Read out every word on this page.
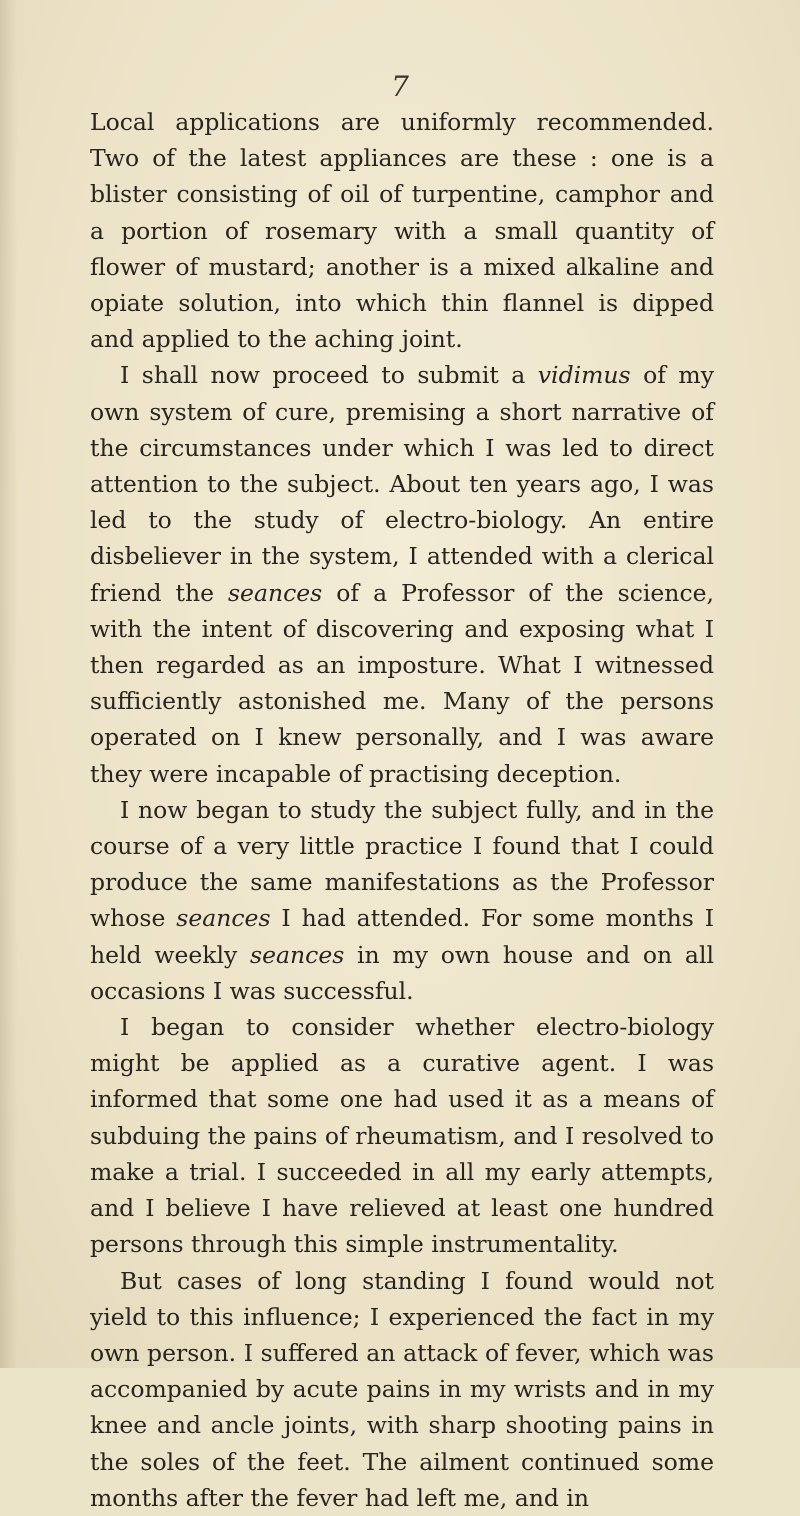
7

Local applications are uniformly recommended. Two of the latest appliances are these : one is a blister consisting of oil of turpentine, camphor and a portion of rosemary with a small quantity of flower of mustard; another is a mixed alkaline and opiate solution, into which thin flannel is dipped and applied to the aching joint.

I shall now proceed to submit a vidimus of my own system of cure, premising a short narrative of the circumstances under which I was led to direct attention to the subject. About ten years ago, I was led to the study of electro-biology. An entire disbeliever in the system, I attended with a clerical friend the seances of a Professor of the science, with the intent of discovering and exposing what I then regarded as an imposture. What I witnessed sufficiently astonished me. Many of the persons operated on I knew personally, and I was aware they were incapable of practising deception.

I now began to study the subject fully, and in the course of a very little practice I found that I could produce the same manifestations as the Professor whose seances I had attended. For some months I held weekly seances in my own house and on all occasions I was successful.

I began to consider whether electro-biology might be applied as a curative agent. I was informed that some one had used it as a means of subduing the pains of rheumatism, and I resolved to make a trial. I succeeded in all my early attempts, and I believe I have relieved at least one hundred persons through this simple instrumentality.

But cases of long standing I found would not yield to this influence; I experienced the fact in my own person. I suffered an attack of fever, which was accompanied by acute pains in my wrists and in my knee and ancle joints, with sharp shooting pains in the soles of the feet. The ailment continued some months after the fever had left me, and in
